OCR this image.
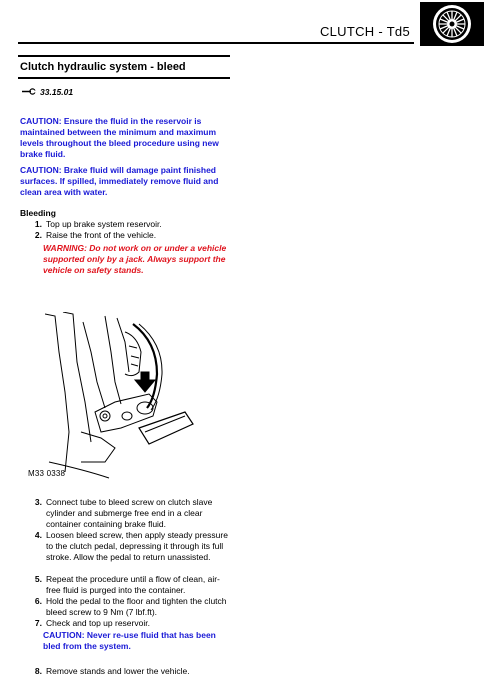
CLUTCH - Td5
Clutch hydraulic system - bleed
33.15.01
CAUTION: Ensure the fluid in the reservoir is maintained between the minimum and maximum levels throughout the bleed procedure using new brake fluid.
CAUTION: Brake fluid will damage paint finished surfaces. If spilled, immediately remove fluid and clean area with water.
Bleeding
1. Top up brake system reservoir.
2. Raise the front of the vehicle.
WARNING: Do not work on or under a vehicle supported only by a jack. Always support the vehicle on safety stands.
M33 0338
3. Connect tube to bleed screw on clutch slave cylinder and submerge free end in a clear container containing brake fluid.
4. Loosen bleed screw, then apply steady pressure to the clutch pedal, depressing it through its full stroke. Allow the pedal to return unassisted.
5. Repeat the procedure until a flow of clean, air-free fluid is purged into the container.
6. Hold the pedal to the floor and tighten the clutch bleed screw to 9 Nm (7 lbf.ft).
7. Check and top up reservoir.
CAUTION: Never re-use fluid that has been bled from the system.
8. Remove stands and lower the vehicle.
